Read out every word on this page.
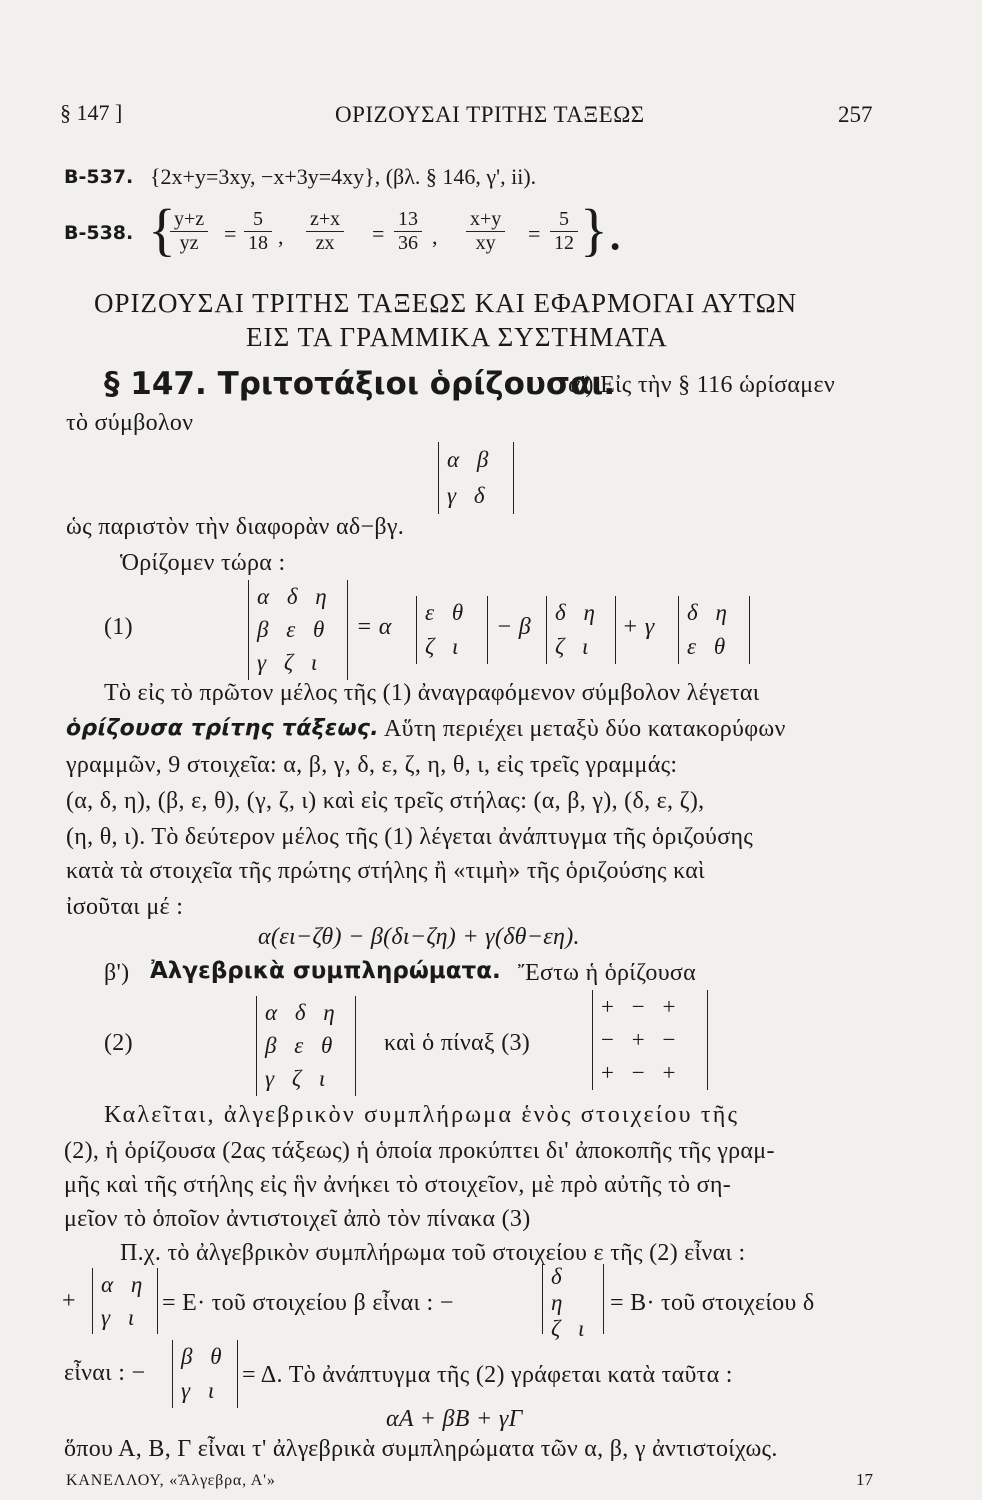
§ 147 ]	ΟΡΙΖΟΥΣΑΙ ΤΡΙΤΗΣ ΤΑΞΕΩΣ	257
B-537. {2x+y=3xy, −x+3y=4xy}, (βλ. § 146, γ', ii).
B-538. {
$\frac{y+z}{yz} = \frac{5}{18}$ , $\frac{z+x}{zx} = \frac{13}{36}$ , $\frac{x+y}{xy} = \frac{5}{12}$ }.
ΟΡΙΖΟΥΣΑΙ ΤΡΙΤΗΣ ΤΑΞΕΩΣ ΚΑΙ ΕΦΑΡΜΟΓΑΙ ΑΥΤΩΝ
ΕΙΣ ΤΑ ΓΡΑΜΜΙΚΑ ΣΥΣΤΗΜΑΤΑ
§ 147. Τριτοτάξιοι ὁρίζουσαι.
α') Εἰς τὴν § 116 ὡρίσαμεν
τὸ σύμβολον
α β
γ δ
ὡς παριστὸν τὴν διαφορὰν αδ−βγ.
Ὁρίζομεν τώρα :
(1)
α δ η
β ε θ
γ ζ ι
= α
ε θ
ζ ι
− β
δ η
ζ ι
+ γ
δ η
ε θ
Τὸ εἰς τὸ πρῶτον μέλος τῆς (1) ἀναγραφόμενον σύμβολον λέγεται
ὁρίζουσα τρίτης τάξεως. Αὕτη περιέχει μεταξὺ δύο κατακορύφων
γραμμῶν, 9 στοιχεῖα: α, β, γ, δ, ε, ζ, η, θ, ι, εἰς τρεῖς γραμμάς:
(α, δ, η), (β, ε, θ), (γ, ζ, ι) καὶ εἰς τρεῖς στήλας: (α, β, γ), (δ, ε, ζ),
(η, θ, ι). Τὸ δεύτερον μέλος τῆς (1) λέγεται ἀνάπτυγμα τῆς ὁριζούσης
κατὰ τὰ στοιχεῖα τῆς πρώτης στήλης ἢ «τιμὴ» τῆς ὁριζούσης καὶ
ἰσοῦται μέ :
α(ει−ζθ) − β(δι−ζη) + γ(δθ−εη).
β') Ἀλγεβρικὰ συμπληρώματα. Ἔστω ἡ ὁρίζουσα
(2)
α δ η
β ε θ
γ ζ ι
καὶ ὁ πίναξ (3)
+ − +
− + −
+ − +
Καλεῖται, ἀλγεβρικὸν συμπλήρωμα ἑνὸς στοιχείου τῆς
(2), ἡ ὁρίζουσα (2ας τάξεως) ἡ ὁποία προκύπτει δι' ἀποκοπῆς τῆς γραμ-
μῆς καὶ τῆς στήλης εἰς ἣν ἀνήκει τὸ στοιχεῖον, μὲ πρὸ αὐτῆς τὸ ση-
μεῖον τὸ ὁποῖον ἀντιστοιχεῖ ἀπὸ τὸν πίνακα (3)
Π.χ. τὸ ἀλγεβρικὸν συμπλήρωμα τοῦ στοιχείου ε τῆς (2) εἶναι :
+
α η
γ ι
= Ε· τοῦ στοιχείου β εἶναι : −
δ η
ζ ι
= Β· τοῦ στοιχείου δ
εἶναι : −
β θ
γ ι
= Δ. Τὸ ἀνάπτυγμα τῆς (2) γράφεται κατὰ ταῦτα :
αΑ + βΒ + γΓ
ὅπου Α, Β, Γ εἶναι τ' ἀλγεβρικὰ συμπληρώματα τῶν α, β, γ ἀντιστοίχως.
ΚΑΝΕΛΛΟΥ, «Ἄλγεβρα, Α'»	17
